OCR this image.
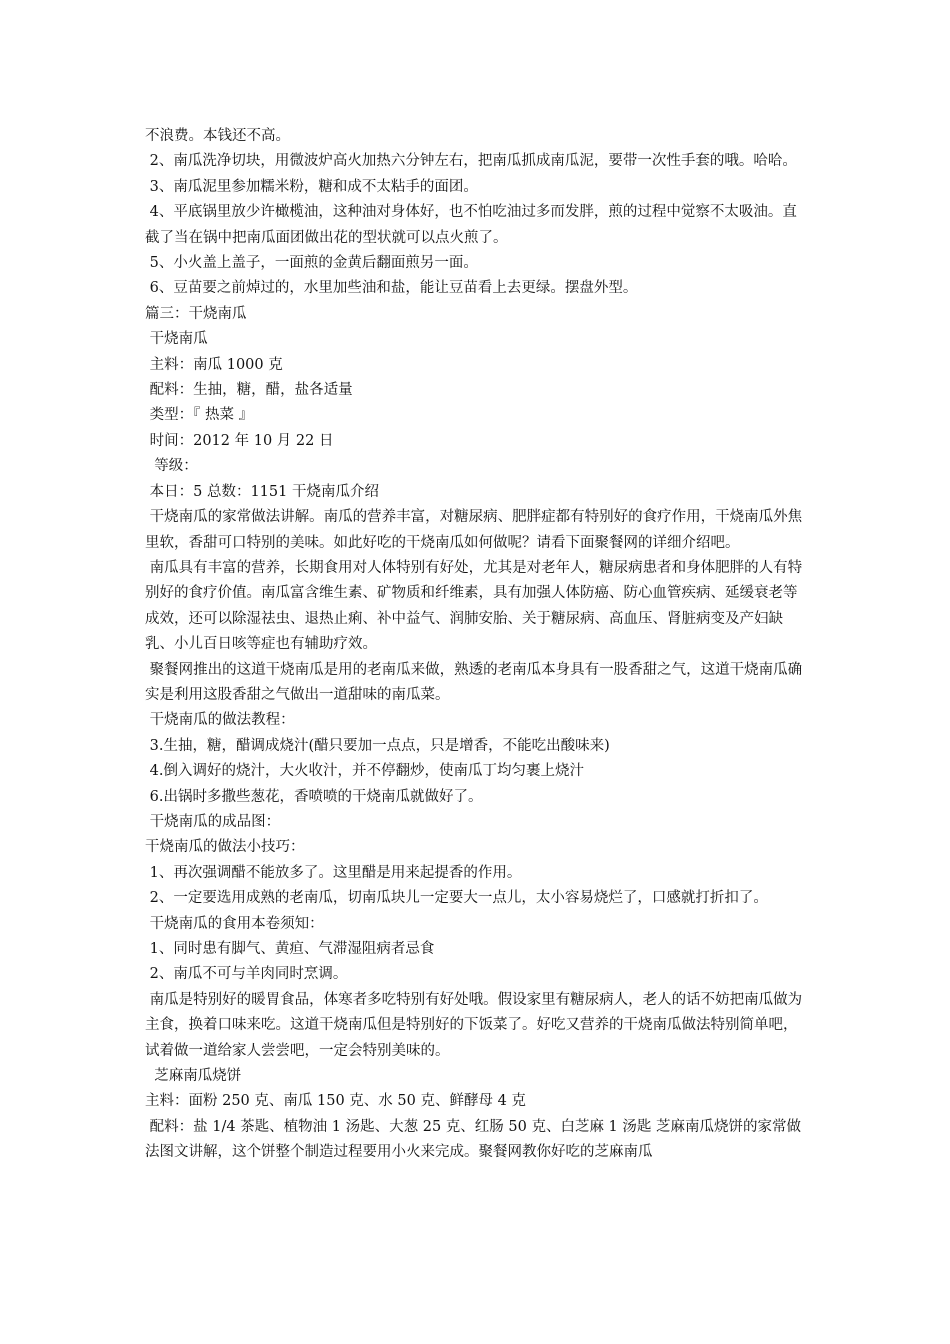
不浪费。本钱还不高。

2、南瓜洗净切块，用微波炉高火加热六分钟左右，把南瓜抓成南瓜泥，要带一次性手套的哦。哈哈。

3、南瓜泥里参加糯米粉，糖和成不太粘手的面团。

4、平底锅里放少许橄榄油，这种油对身体好，也不怕吃油过多而发胖，煎的过程中觉察不太吸油。直截了当在锅中把南瓜面团做出花的型状就可以点火煎了。

5、小火盖上盖子，一面煎的金黄后翻面煎另一面。

6、豆苗要之前焯过的，水里加些油和盐，能让豆苗看上去更绿。摆盘外型。

篇三：干烧南瓜

干烧南瓜

主料：南瓜 1000 克

配料：生抽，糖，醋，盐各适量

类型：『 热菜 』

时间：2012 年 10 月 22 日

等级：

本日：5 总数：1151 干烧南瓜介绍

干烧南瓜的家常做法讲解。南瓜的营养丰富，对糖尿病、肥胖症都有特别好的食疗作用，干烧南瓜外焦里软，香甜可口特别的美味。如此好吃的干烧南瓜如何做呢？请看下面聚餐网的详细介绍吧。

南瓜具有丰富的营养，长期食用对人体特别有好处，尤其是对老年人，糖尿病患者和身体肥胖的人有特别好的食疗价值。南瓜富含维生素、矿物质和纤维素，具有加强人体防癌、防心血管疾病、延缓衰老等成效，还可以除湿祛虫、退热止痢、补中益气、润肺安胎、关于糖尿病、高血压、肾脏病变及产妇缺乳、小儿百日咳等症也有辅助疗效。

聚餐网推出的这道干烧南瓜是用的老南瓜来做，熟透的老南瓜本身具有一股香甜之气，这道干烧南瓜确实是利用这股香甜之气做出一道甜味的南瓜菜。

干烧南瓜的做法教程：

3.生抽，糖，醋调成烧汁(醋只要加一点点，只是增香，不能吃出酸味来)

4.倒入调好的烧汁，大火收汁，并不停翻炒，使南瓜丁均匀裹上烧汁

6.出锅时多撒些葱花，香喷喷的干烧南瓜就做好了。

干烧南瓜的成品图：

干烧南瓜的做法小技巧：

1、再次强调醋不能放多了。这里醋是用来起提香的作用。

2、一定要选用成熟的老南瓜，切南瓜块儿一定要大一点儿，太小容易烧烂了，口感就打折扣了。

干烧南瓜的食用本卷须知：

1、同时患有脚气、黄疸、气滞湿阻病者忌食

2、南瓜不可与羊肉同时烹调。

南瓜是特别好的暖胃食品，体寒者多吃特别有好处哦。假设家里有糖尿病人，老人的话不妨把南瓜做为主食，换着口味来吃。这道干烧南瓜但是特别好的下饭菜了。好吃又营养的干烧南瓜做法特别简单吧，试着做一道给家人尝尝吧，一定会特别美味的。

芝麻南瓜烧饼

主料：面粉 250 克、南瓜 150 克、水 50 克、鲜酵母 4 克

配料：盐 1/4 茶匙、植物油 1 汤匙、大葱 25 克、红肠 50 克、白芝麻 1 汤匙 芝麻南瓜烧饼的家常做法图文讲解，这个饼整个制造过程要用小火来完成。聚餐网教你好吃的芝麻南瓜
